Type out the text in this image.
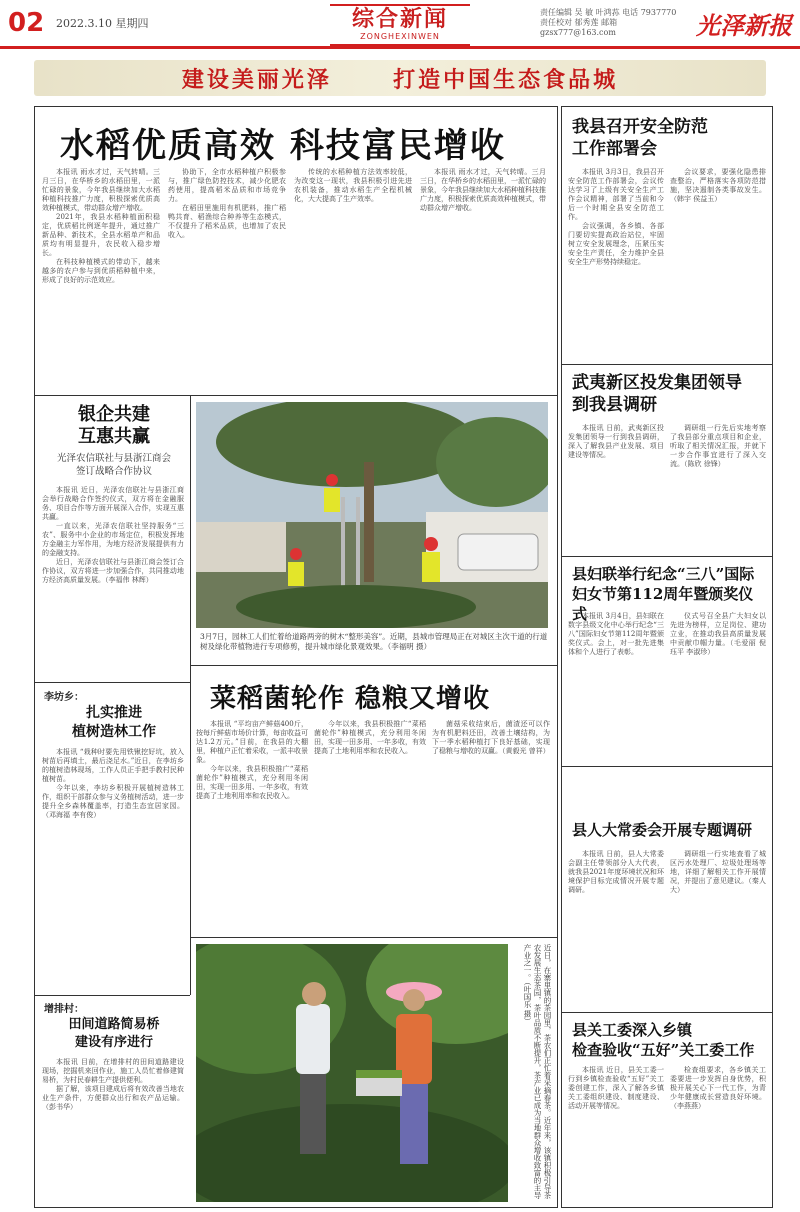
02 2022.3.10 星期四	综合新闻
ZONGHEXINWEN
责任编辑 吴 敏 叶鸿荪 电话 7937770
责任校对 郁秀莲 邮箱 gzsx777@163.com	光泽新报
建设美丽光泽	打造中国生态食品城
水稻优质高效 科技富民增收

本报讯 雨水才过，天气转晴。三月三日，在华桥乡的水稻田里，一派忙碌的景象，今年我县继续加大水稻种植科技推广力度，积极探索优质高效种植模式，带动群众增产增收。

2021年，我县水稻种植面积稳定，优质稻比例逐年提升，通过推广新品种、新技术，全县水稻单产和品质均有明显提升，农民收入稳步增长。

在科技种植模式的带动下，越来越多的农户参与到优质稻种植中来，形成了良好的示范效应。

协助下，全市水稻种植户积极参与，推广绿色防控技术，减少化肥农药使用，提高稻米品质和市场竞争力。

在稻田里施用有机肥料，推广稻鸭共育、稻渔综合种养等生态模式，不仅提升了稻米品质，也增加了农民收入。

传统的水稻种植方法效率较低，为改变这一现状，我县积极引进先进农机装备，推动水稻生产全程机械化，大大提高了生产效率。

本报讯 雨水才过，天气转晴。三月三日，在华桥乡的水稻田里，一派忙碌的景象，今年我县继续加大水稻种植科技推广力度，积极探索优质高效种植模式，带动群众增产增收。

银企共建
互惠共赢
光泽农信联社与县浙江商会
签订战略合作协议

本报讯 近日，光泽农信联社与县浙江商会举行战略合作签约仪式，双方将在金融服务、项目合作等方面开展深入合作，实现互惠共赢。

一直以来，光泽农信联社坚持服务“三农”、服务中小企业的市场定位，积极发挥地方金融主力军作用，为地方经济发展提供有力的金融支持。

近日，光泽农信联社与县浙江商会签订合作协议，双方将进一步加强合作，共同推动地方经济高质量发展。（李福伟 林辉）

李坊乡：
扎实推进
植树造林工作

本报讯 “栽种时要先用铁锹挖好坑，放入树苗后再填土，最后浇足水。”近日，在李坊乡的植树造林现场，工作人员正手把手教村民种植树苗。

今年以来，李坊乡积极开展植树造林工作，组织干部群众参与义务植树活动，进一步提升全乡森林覆盖率，打造生态宜居家园。（邓海福 李有俊）

增排村：
田间道路简易桥
建设有序进行

本报讯 目前，在增排村的田间道路建设现场，挖掘机来回作业，施工人员忙着修建简易桥，为村民春耕生产提供便利。

据了解，该项目建成后将有效改善当地农业生产条件，方便群众出行和农产品运输。（彭书华）

3月7日，园林工人们忙着给道路两旁的树木“整形美容”。近期，县城市管理局正在对城区主次干道的行道树及绿化带植物进行专项修剪，提升城市绿化景观效果。（李福明 摄）
菜稻菌轮作 稳粮又增收

本报讯 “平均亩产鲜菇400斤，按每斤鲜菇市场价计算，每亩收益可达1.2万元。”目前，在我县的大棚里，种植户正忙着采收，一派丰收景象。

今年以来，我县积极推广“菜稻菌轮作”种植模式，充分利用冬闲田，实现一田多用、一年多收，有效提高了土地利用率和农民收入。

今年以来，我县积极推广“菜稻菌轮作”种植模式，充分利用冬闲田，实现一田多用、一年多收，有效提高了土地利用率和农民收入。

菌菇采收结束后，菌渣还可以作为有机肥料还田，改善土壤结构，为下一季水稻种植打下良好基础，实现了稳粮与增收的双赢。（黄毅光 曾祥）

近日，在寨里镇的茶园里，茶农们正忙着采摘春茶。近年来，该镇积极引导茶农发展生态茶园，茶叶品质不断提升，茶产业已成为当地群众增收致富的主导产业之一。（叶国乐 摄）
我县召开安全防范
工作部署会

本报讯 3月3日，我县召开安全防范工作部署会，会议传达学习了上级有关安全生产工作会议精神，部署了当前和今后一个时期全县安全防范工作。

会议强调，各乡镇、各部门要切实提高政治站位，牢固树立安全发展理念，压紧压实安全生产责任，全力维护全县安全生产形势持续稳定。

会议要求，要强化隐患排查整治，严格落实各项防范措施，坚决遏制各类事故发生。（韩宇 侯益玉）

武夷新区投发集团领导
到我县调研

本报讯 日前，武夷新区投发集团领导一行到我县调研，深入了解我县产业发展、项目建设等情况。

调研组一行先后实地考察了我县部分重点项目和企业，听取了相关情况汇报，并就下一步合作事宜进行了深入交流。（陈欣 徐锋）

县妇联举行纪念“三八”国际
妇女节第112周年暨颁奖仪式

本报讯 3月4日，县妇联在数字县级文化中心举行纪念“三八”国际妇女节第112周年暨颁奖仪式。会上，对一批先进集体和个人进行了表彰。

仪式号召全县广大妇女以先进为榜样，立足岗位、建功立业，在推动我县高质量发展中贡献巾帼力量。（毛爱丽 倪珏平 李淑珍）

县人大常委会开展专题调研

本报讯 日前，县人大常委会副主任带领部分人大代表，就我县2021年度环境状况和环境保护目标完成情况开展专题调研。

调研组一行实地查看了城区污水处理厂、垃圾处理场等地，详细了解相关工作开展情况，并提出了意见建议。（秦人大）

县关工委深入乡镇
检查验收“五好”关工委工作

本报讯 近日，县关工委一行到乡镇检查验收“五好”关工委创建工作，深入了解各乡镇关工委组织建设、制度建设、活动开展等情况。

检查组要求，各乡镇关工委要进一步发挥自身优势，积极开展关心下一代工作，为青少年健康成长营造良好环境。（李燕燕）
